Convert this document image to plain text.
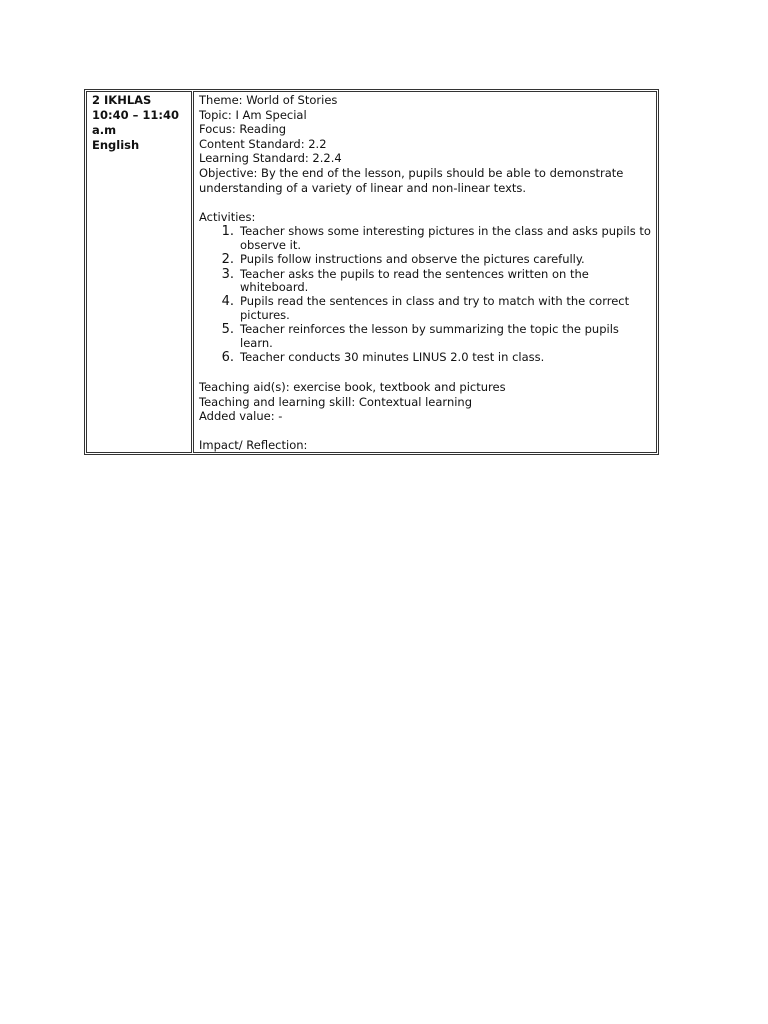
2 IKHLAS
10:40 – 11:40 a.m
English
Theme: World of Stories
Topic: I Am Special
Focus: Reading
Content Standard: 2.2
Learning Standard: 2.2.4
Objective: By the end of the lesson, pupils should be able to demonstrate understanding of a variety of linear and non-linear texts.
Activities:
1. Teacher shows some interesting pictures in the class and asks pupils to observe it.
2. Pupils follow instructions and observe the pictures carefully.
3. Teacher asks the pupils to read the sentences written on the whiteboard.
4. Pupils read the sentences in class and try to match with the correct pictures.
5. Teacher reinforces the lesson by summarizing the topic the pupils learn.
6. Teacher conducts 30 minutes LINUS 2.0 test in class.
Teaching aid(s): exercise book, textbook and pictures
Teaching and learning skill: Contextual learning
Added value: -
Impact/ Reflection:
